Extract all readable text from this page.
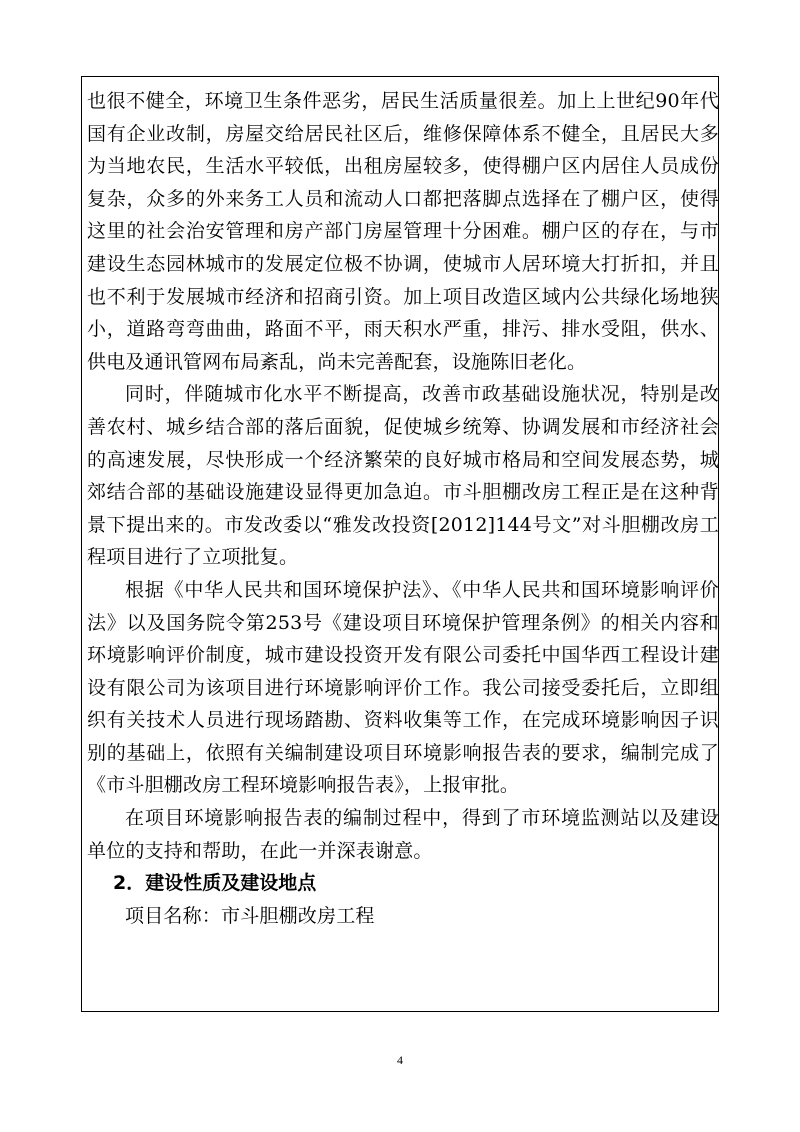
也很不健全，环境卫生条件恶劣，居民生活质量很差。加上上世纪90年代国有企业改制，房屋交给居民社区后，维修保障体系不健全，且居民大多为当地农民，生活水平较低，出租房屋较多，使得棚户区内居住人员成份复杂，众多的外来务工人员和流动人口都把落脚点选择在了棚户区，使得这里的社会治安管理和房产部门房屋管理十分困难。棚户区的存在，与市建设生态园林城市的发展定位极不协调，使城市人居环境大打折扣，并且也不利于发展城市经济和招商引资。加上项目改造区域内公共绿化场地狭小，道路弯弯曲曲，路面不平，雨天积水严重，排污、排水受阻，供水、供电及通讯管网布局紊乱，尚未完善配套，设施陈旧老化。

同时，伴随城市化水平不断提高，改善市政基础设施状况，特别是改善农村、城乡结合部的落后面貌，促使城乡统筹、协调发展和市经济社会的高速发展，尽快形成一个经济繁荣的良好城市格局和空间发展态势，城郊结合部的基础设施建设显得更加急迫。市斗胆棚改房工程正是在这种背景下提出来的。市发改委以“雅发改投资[2012]144号文”对斗胆棚改房工程项目进行了立项批复。

根据《中华人民共和国环境保护法》、《中华人民共和国环境影响评价法》以及国务院令第253号《建设项目环境保护管理条例》的相关内容和环境影响评价制度，城市建设投资开发有限公司委托中国华西工程设计建设有限公司为该项目进行环境影响评价工作。我公司接受委托后，立即组织有关技术人员进行现场踏勘、资料收集等工作，在完成环境影响因子识别的基础上，依照有关编制建设项目环境影响报告表的要求，编制完成了《市斗胆棚改房工程环境影响报告表》，上报审批。

在项目环境影响报告表的编制过程中，得到了市环境监测站以及建设单位的支持和帮助，在此一并深表谢意。

2．建设性质及建设地点

项目名称：市斗胆棚改房工程

4
